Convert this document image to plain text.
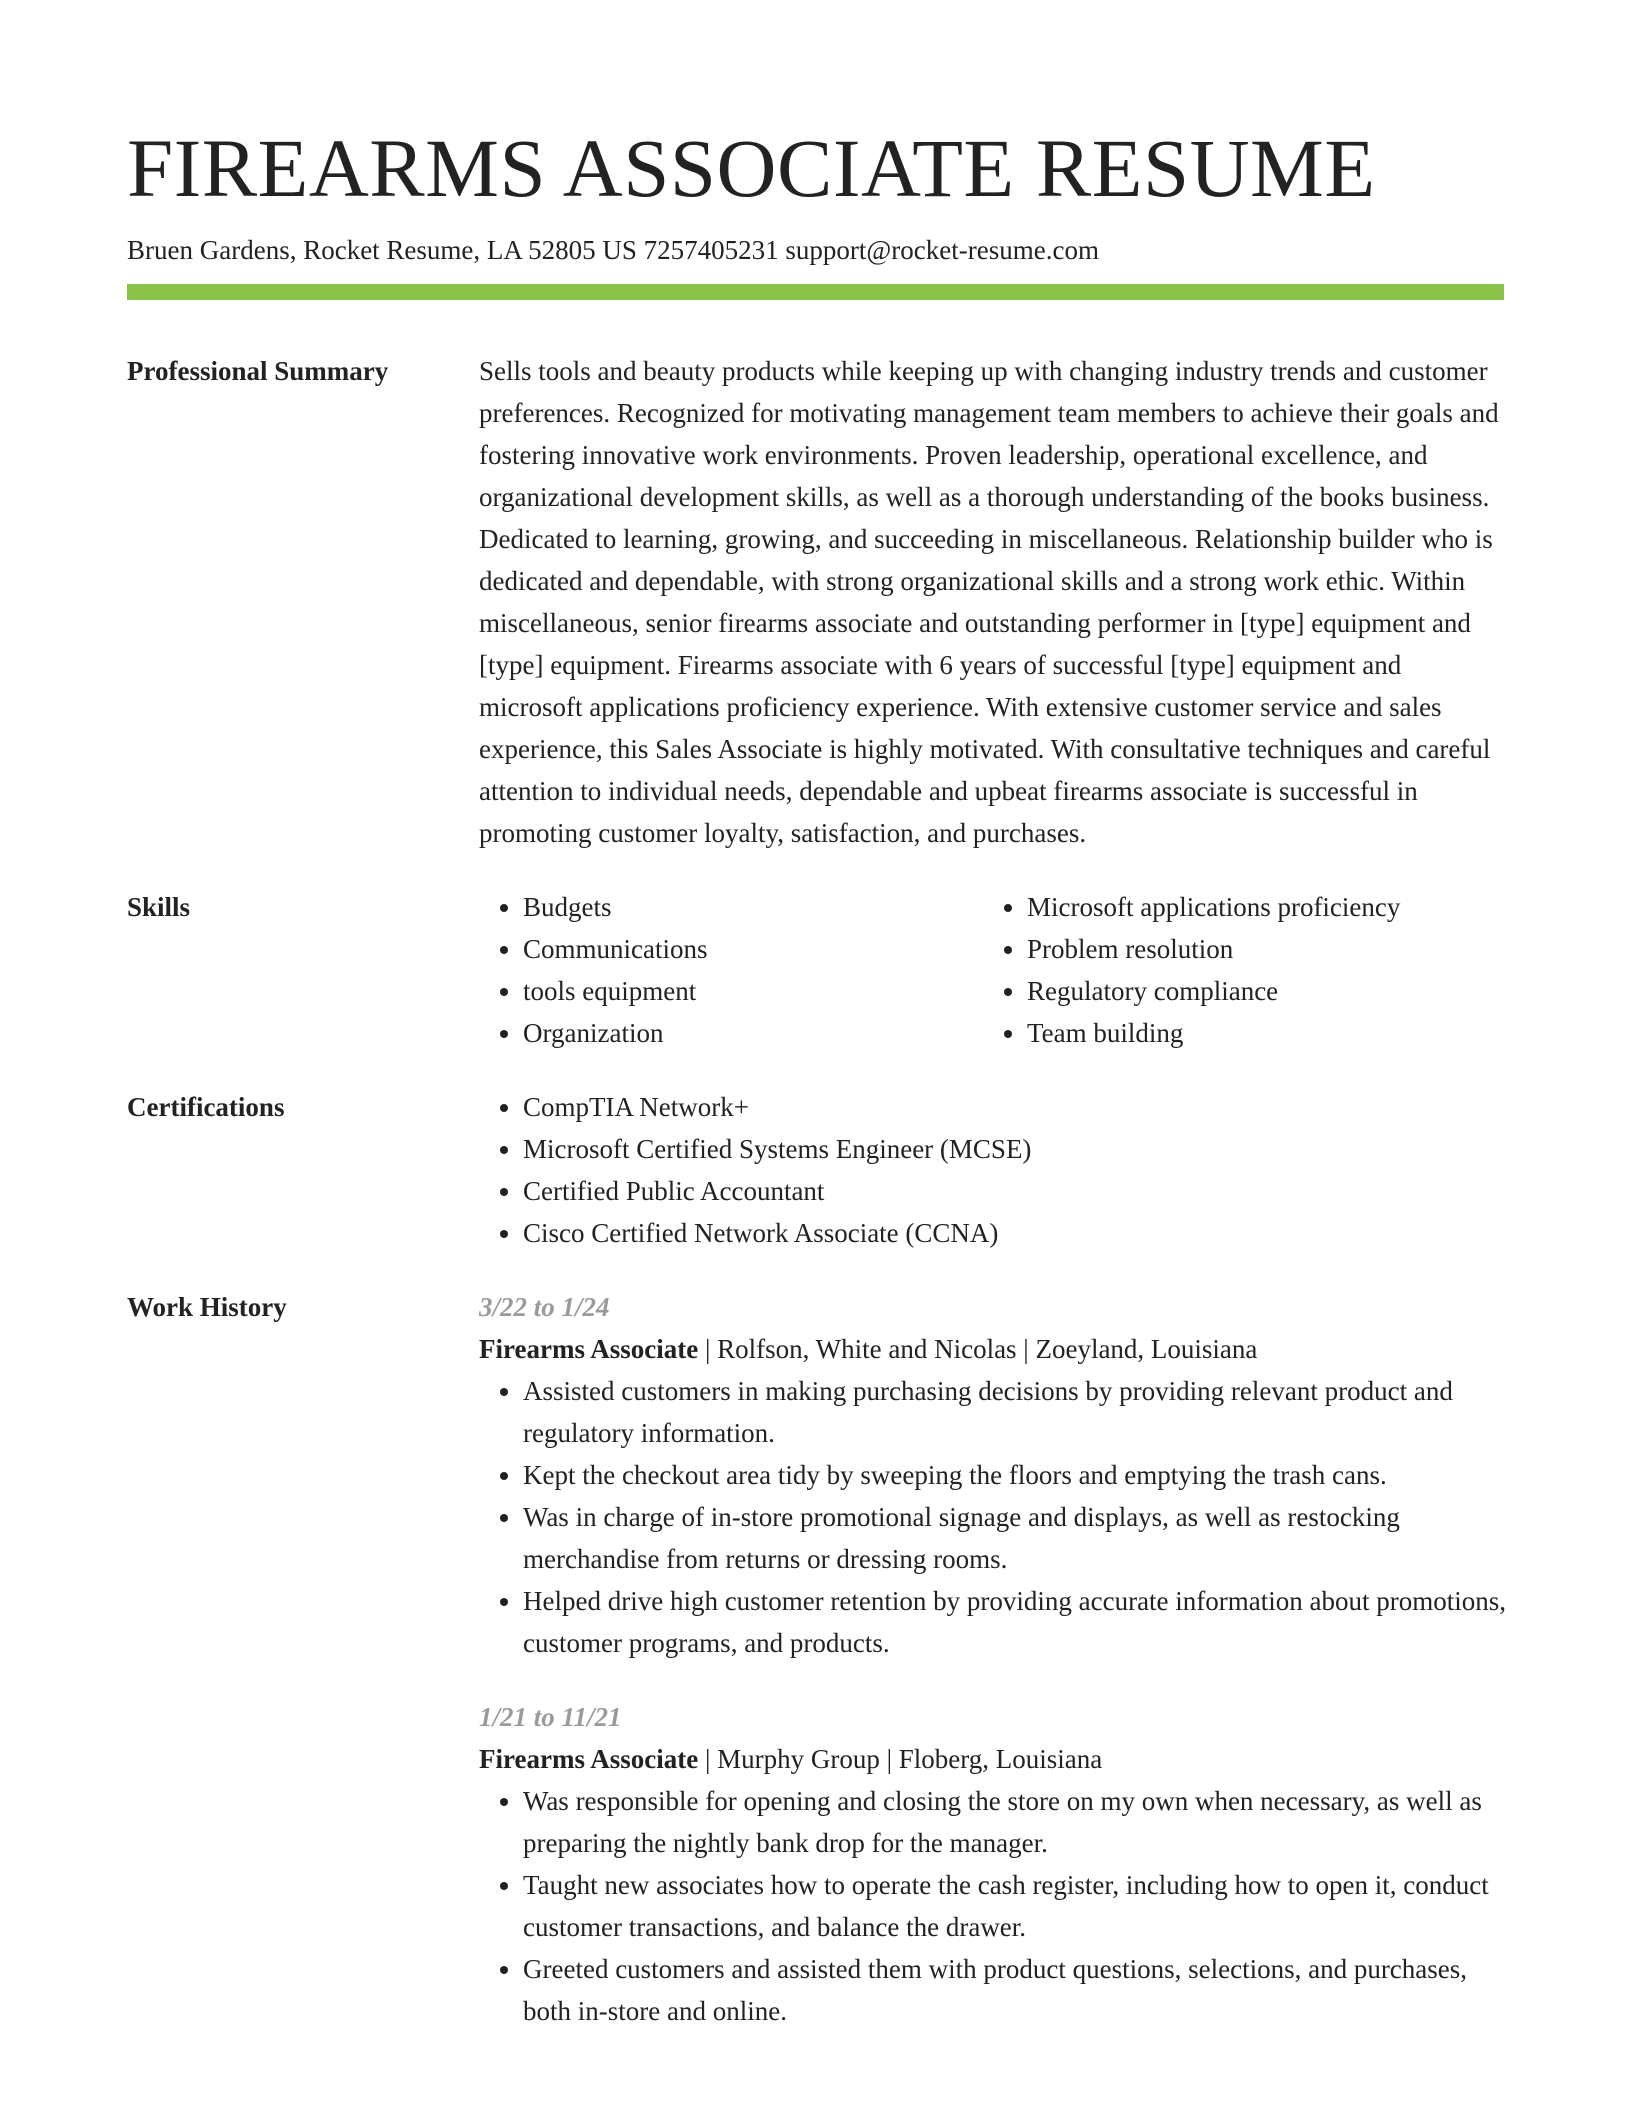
FIREARMS ASSOCIATE RESUME
Bruen Gardens, Rocket Resume, LA 52805 US 7257405231 support@rocket-resume.com
Professional Summary	Sells tools and beauty products while keeping up with changing industry trends and customer preferences. Recognized for motivating management team members to achieve their goals and fostering innovative work environments. Proven leadership, operational excellence, and organizational development skills, as well as a thorough understanding of the books business. Dedicated to learning, growing, and succeeding in miscellaneous. Relationship builder who is dedicated and dependable, with strong organizational skills and a strong work ethic. Within miscellaneous, senior firearms associate and outstanding performer in [type] equipment and [type] equipment. Firearms associate with 6 years of successful [type] equipment and microsoft applications proficiency experience. With extensive customer service and sales experience, this Sales Associate is highly motivated. With consultative techniques and careful attention to individual needs, dependable and upbeat firearms associate is successful in promoting customer loyalty, satisfaction, and purchases.

Skills	• Budgets
• Communications
• tools equipment
• Organization
• Microsoft applications proficiency
• Problem resolution
• Regulatory compliance
• Team building
Certifications	• CompTIA Network+
• Microsoft Certified Systems Engineer (MCSE)
• Certified Public Accountant
• Cisco Certified Network Associate (CCNA)
Work History	3/22 to 1/24
Firearms Associate | Rolfson, White and Nicolas | Zoeyland, Louisiana
• Assisted customers in making purchasing decisions by providing relevant product and regulatory information.
• Kept the checkout area tidy by sweeping the floors and emptying the trash cans.
• Was in charge of in-store promotional signage and displays, as well as restocking merchandise from returns or dressing rooms.
• Helped drive high customer retention by providing accurate information about promotions, customer programs, and products.
1/21 to 11/21
Firearms Associate | Murphy Group | Floberg, Louisiana
• Was responsible for opening and closing the store on my own when necessary, as well as preparing the nightly bank drop for the manager.
• Taught new associates how to operate the cash register, including how to open it, conduct customer transactions, and balance the drawer.
• Greeted customers and assisted them with product questions, selections, and purchases, both in-store and online.
